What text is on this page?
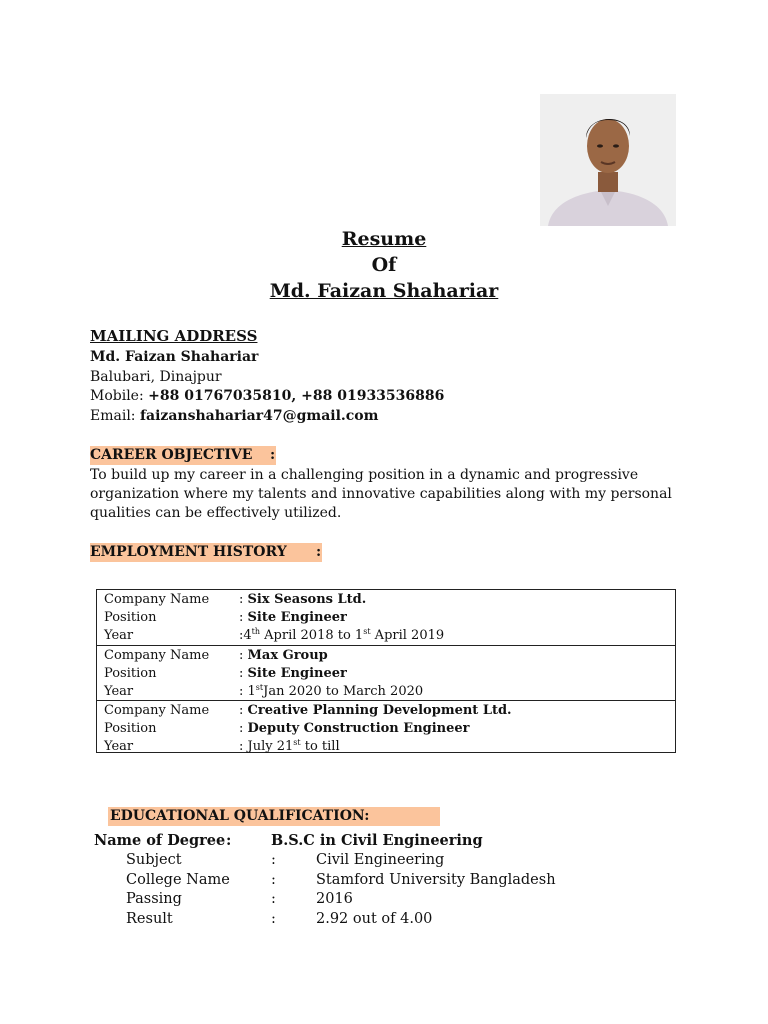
Resume
Of
Md. Faizan Shahariar
MAILING ADDRESS
Md. Faizan Shahariar
Balubari, Dinajpur
Mobile: +88 01767035810, +88 01933536886
Email: faizanshahariar47@gmail.com
CAREER OBJECTIVE :
To build up my career in a challenging position in a dynamic and progressive
organization where my talents and innovative capabilities along with my personal
qualities can be effectively utilized.
EMPLOYMENT HISTORY :
Company Name : Six Seasons Ltd.
Position	: Site Engineer
Year	:4th April 2018 to 1st April 2019
Company Name : Max Group
Position	: Site Engineer
Year	: 1stJan 2020 to March 2020
Company Name : Creative Planning Development Ltd.
Position	: Deputy Construction Engineer
Year	: July 21st to till
EDUCATIONAL QUALIFICATION:
Name of Degree :	B.S.C in Civil Engineering
Subject	:	Civil Engineering
College Name	:	Stamford University Bangladesh
Passing	:	2016
Result	:	2.92 out of 4.00
